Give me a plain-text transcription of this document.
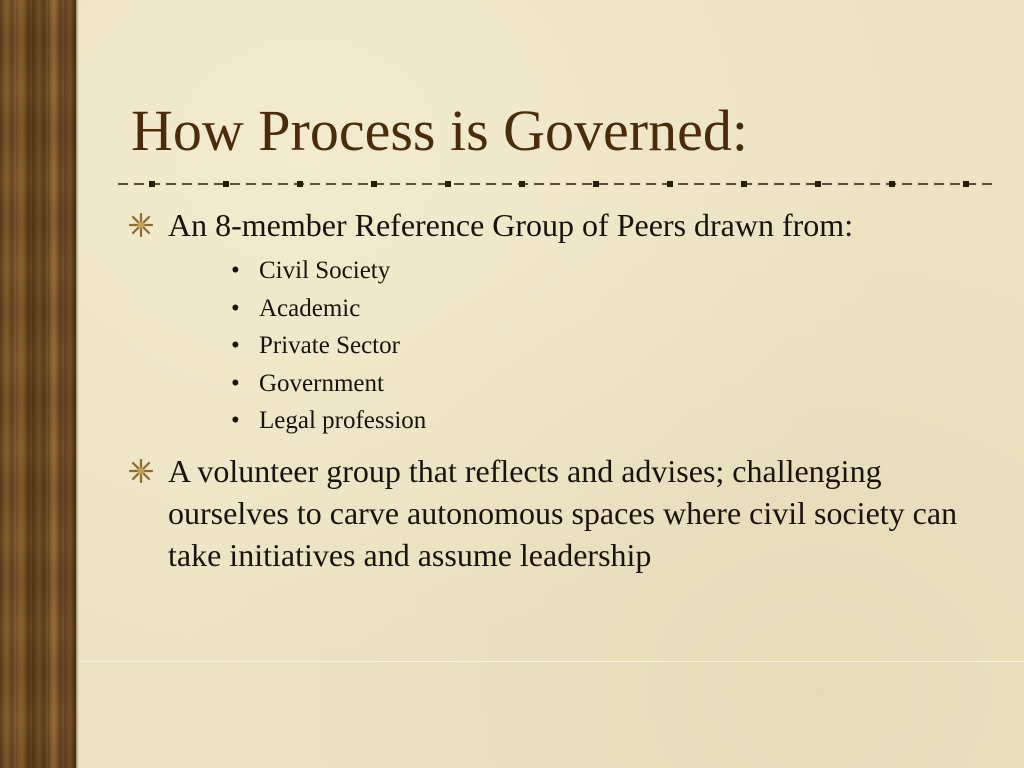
How Process is Governed:
An 8-member Reference Group of Peers drawn from:
• Civil Society
• Academic
• Private Sector
• Government
• Legal profession
A volunteer group that reflects and advises; challenging ourselves to carve autonomous spaces where civil society can take initiatives and assume leadership
